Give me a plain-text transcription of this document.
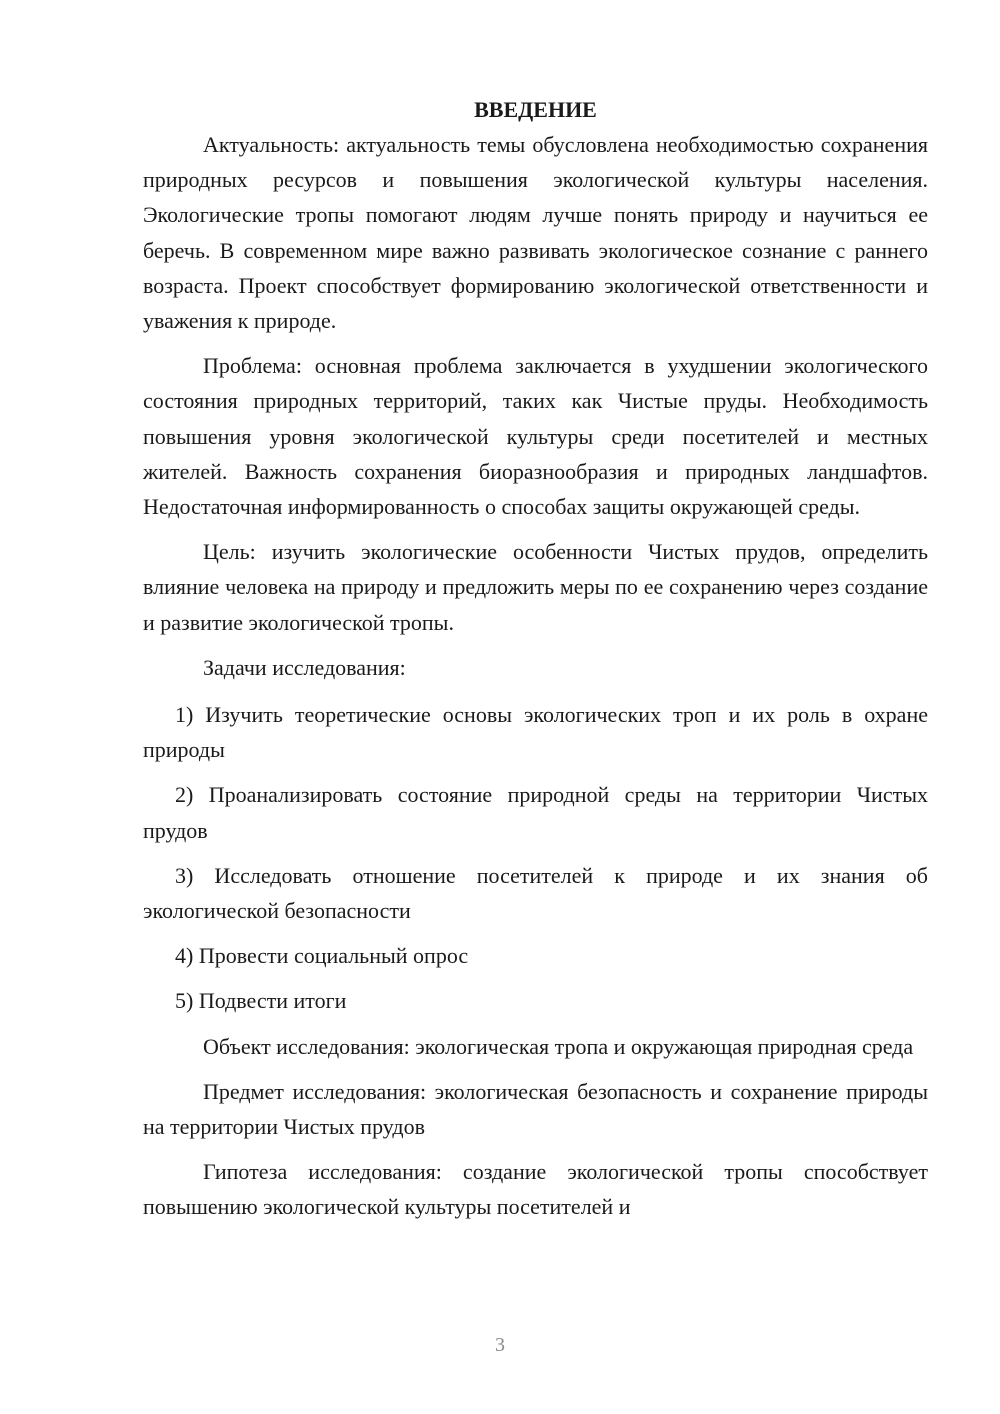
ВВЕДЕНИЕ

Актуальность: актуальность темы обусловлена необходимостью сохранения природных ресурсов и повышения экологической культуры населения. Экологические тропы помогают людям лучше понять природу и научиться ее беречь. В современном мире важно развивать экологическое сознание с раннего возраста. Проект способствует формированию экологической ответственности и уважения к природе.

Проблема: основная проблема заключается в ухудшении экологического состояния природных территорий, таких как Чистые пруды. Необходимость повышения уровня экологической культуры среди посетителей и местных жителей. Важность сохранения биоразнообразия и природных ландшафтов. Недостаточная информированность о способах защиты окружающей среды.

Цель: изучить экологические особенности Чистых прудов, определить влияние человека на природу и предложить меры по ее сохранению через создание и развитие экологической тропы.

Задачи исследования:

1) Изучить теоретические основы экологических троп и их роль в охране природы

2) Проанализировать состояние природной среды на территории Чистых прудов

3) Исследовать отношение посетителей к природе и их знания об экологической безопасности

4) Провести социальный опрос

5) Подвести итоги

Объект исследования: экологическая тропа и окружающая природная среда

Предмет исследования: экологическая безопасность и сохранение природы на территории Чистых прудов

Гипотеза исследования: создание экологической тропы способствует повышению экологической культуры посетителей и

3
